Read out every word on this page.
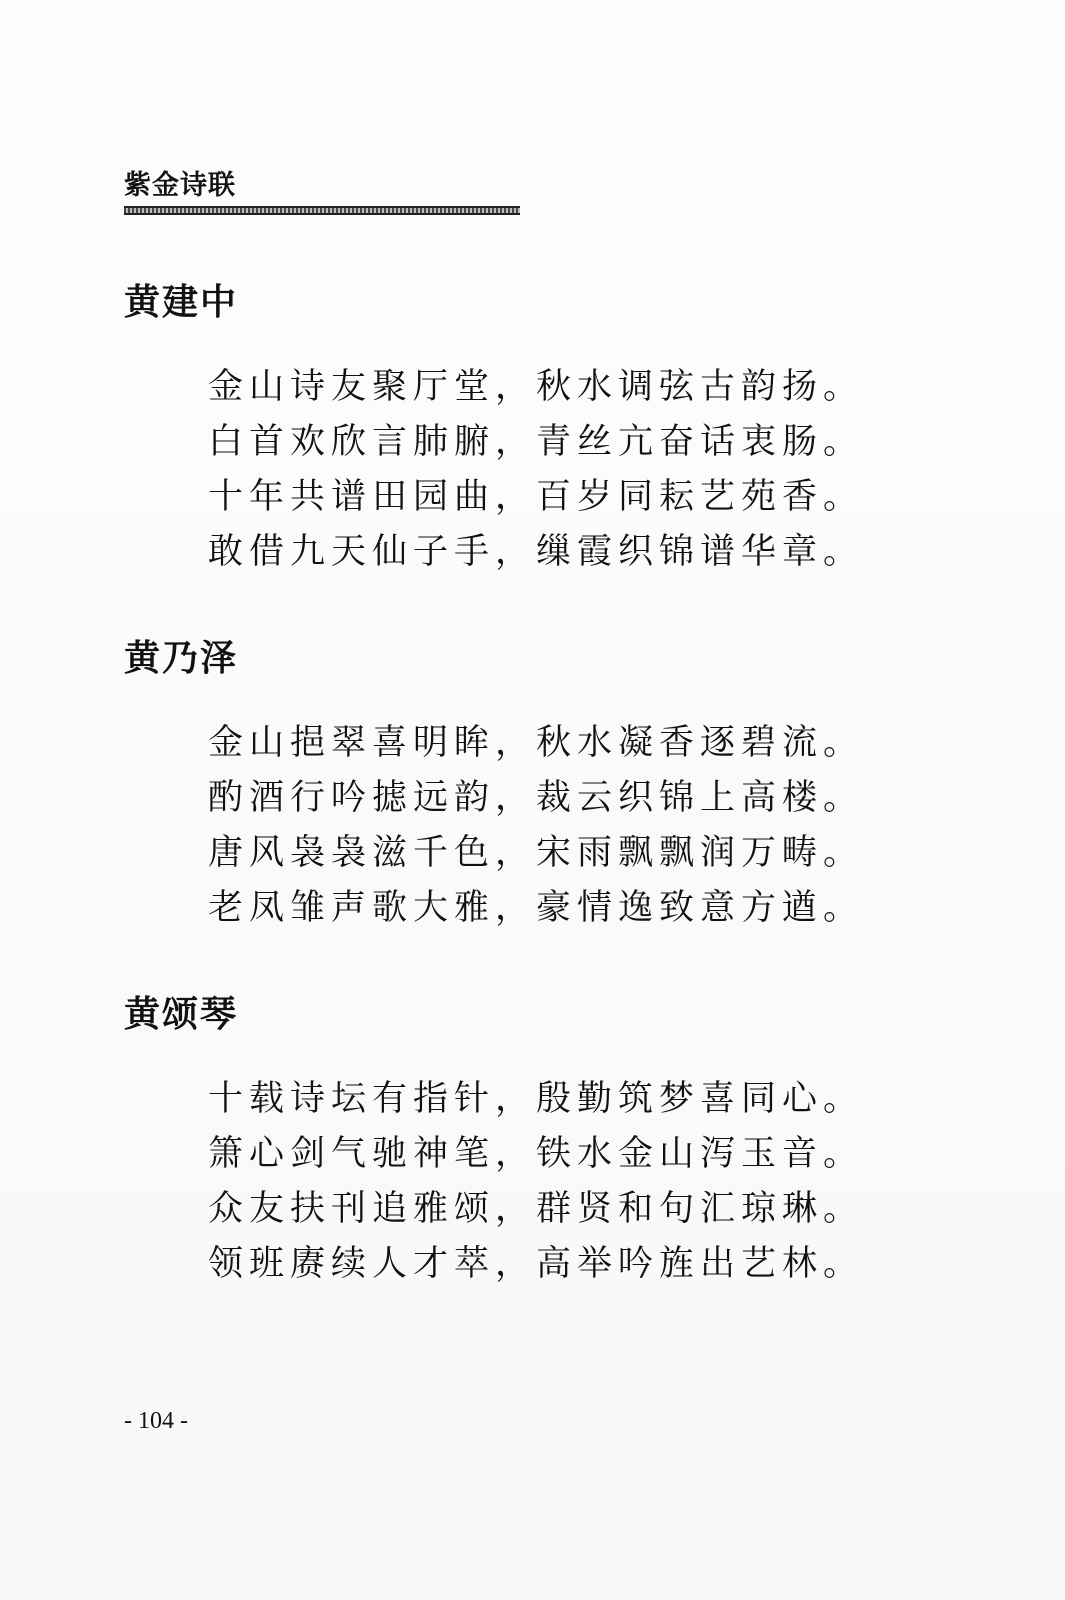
紫金诗联
黄建中
金山诗友聚厅堂，秋水调弦古韵扬。
白首欢欣言肺腑，青丝亢奋话衷肠。
十年共谱田园曲，百岁同耘艺苑香。
敢借九天仙子手，缫霞织锦谱华章。
黄乃泽
金山挹翠喜明眸，秋水凝香逐碧流。
酌酒行吟摅远韵，裁云织锦上高楼。
唐风袅袅滋千色，宋雨飘飘润万畴。
老凤雏声歌大雅，豪情逸致意方遒。
黄颂琴
十载诗坛有指针，殷勤筑梦喜同心。
箫心剑气驰神笔，铁水金山泻玉音。
众友扶刊追雅颂，群贤和句汇琼琳。
领班赓续人才萃，高举吟旌出艺林。
- 104 -
